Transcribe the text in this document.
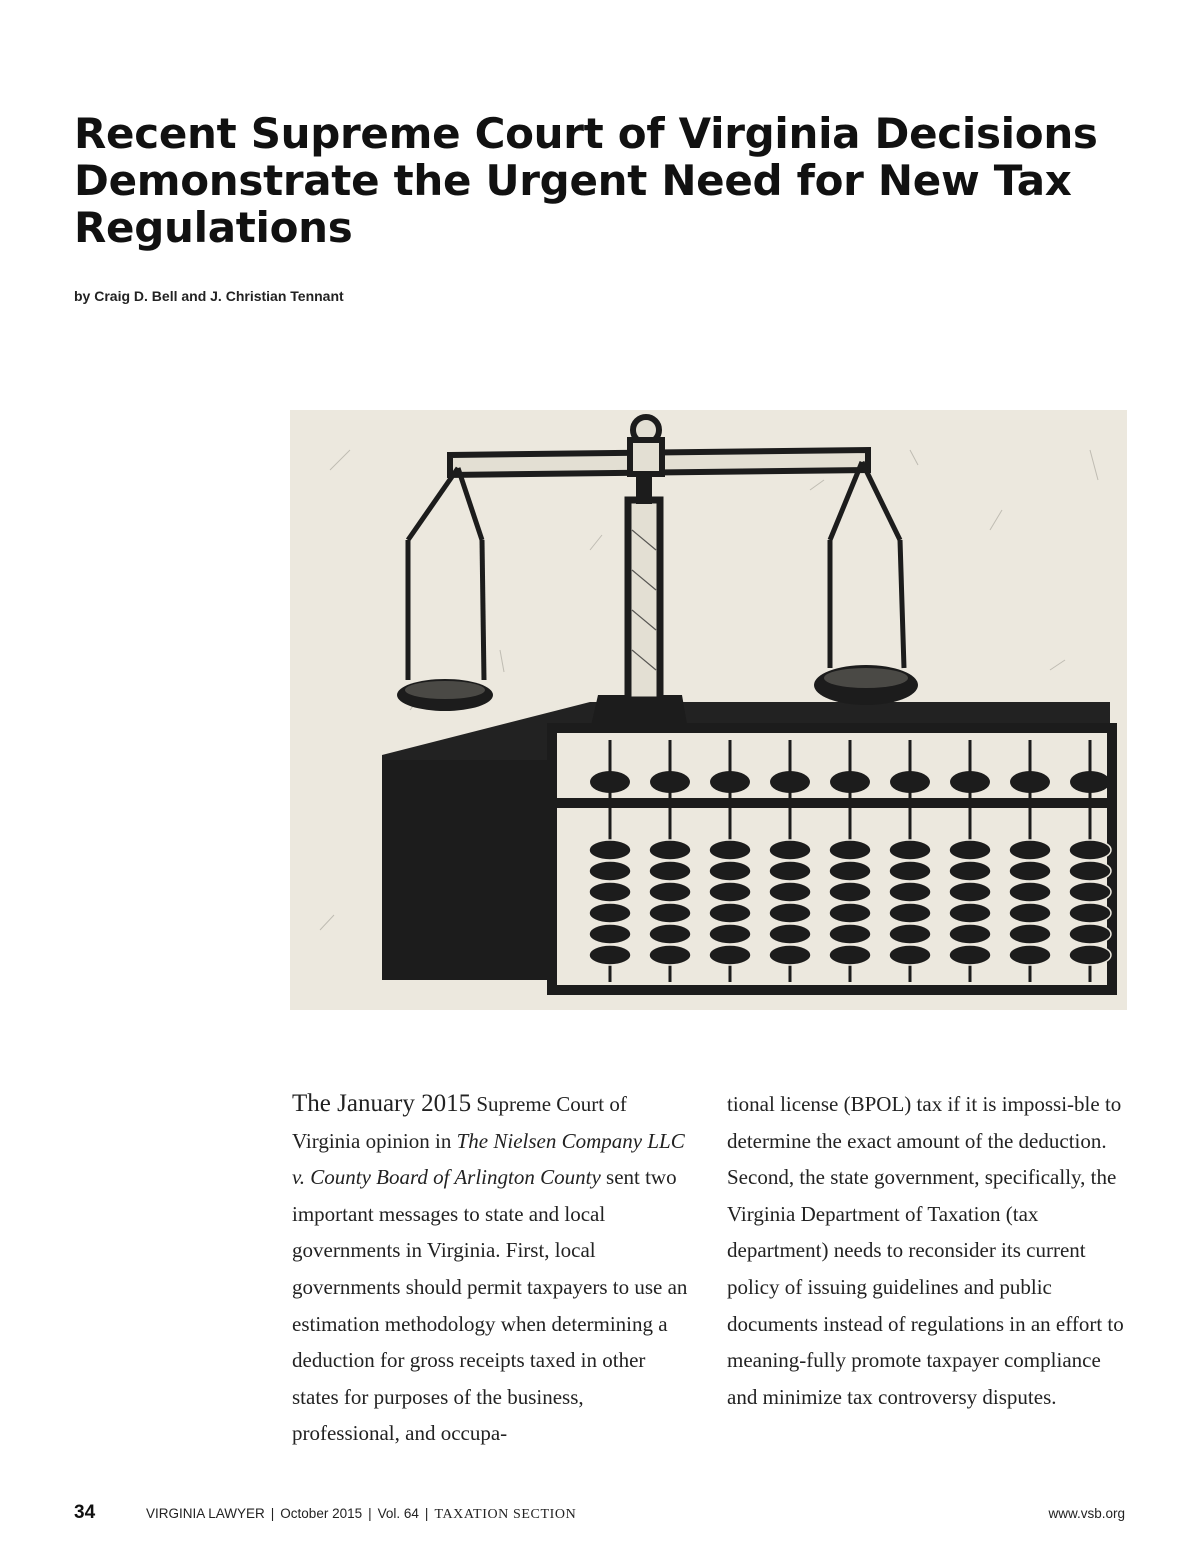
Recent Supreme Court of Virginia Decisions
Demonstrate the Urgent Need for New Tax
Regulations

by Craig D. Bell and J. Christian Tennant

The January 2015 Supreme Court of Virginia opinion in The Nielsen Company LLC v. County Board of Arlington County sent two important messages to state and local governments in Virginia. First, local governments should permit taxpayers to use an estimation methodology when determining a deduction for gross receipts taxed in other states for purposes of the business, professional, and occupa-
tional license (BPOL) tax if it is impossi-ble to determine the exact amount of the deduction. Second, the state government, specifically, the Virginia Department of Taxation (tax department) needs to reconsider its current policy of issuing guidelines and public documents instead of regulations in an effort to meaning-fully promote taxpayer compliance and minimize tax controversy disputes.
34	VIRGINIA LAWYER | October 2015 | Vol. 64 | TAXATION SECTION	www.vsb.org
